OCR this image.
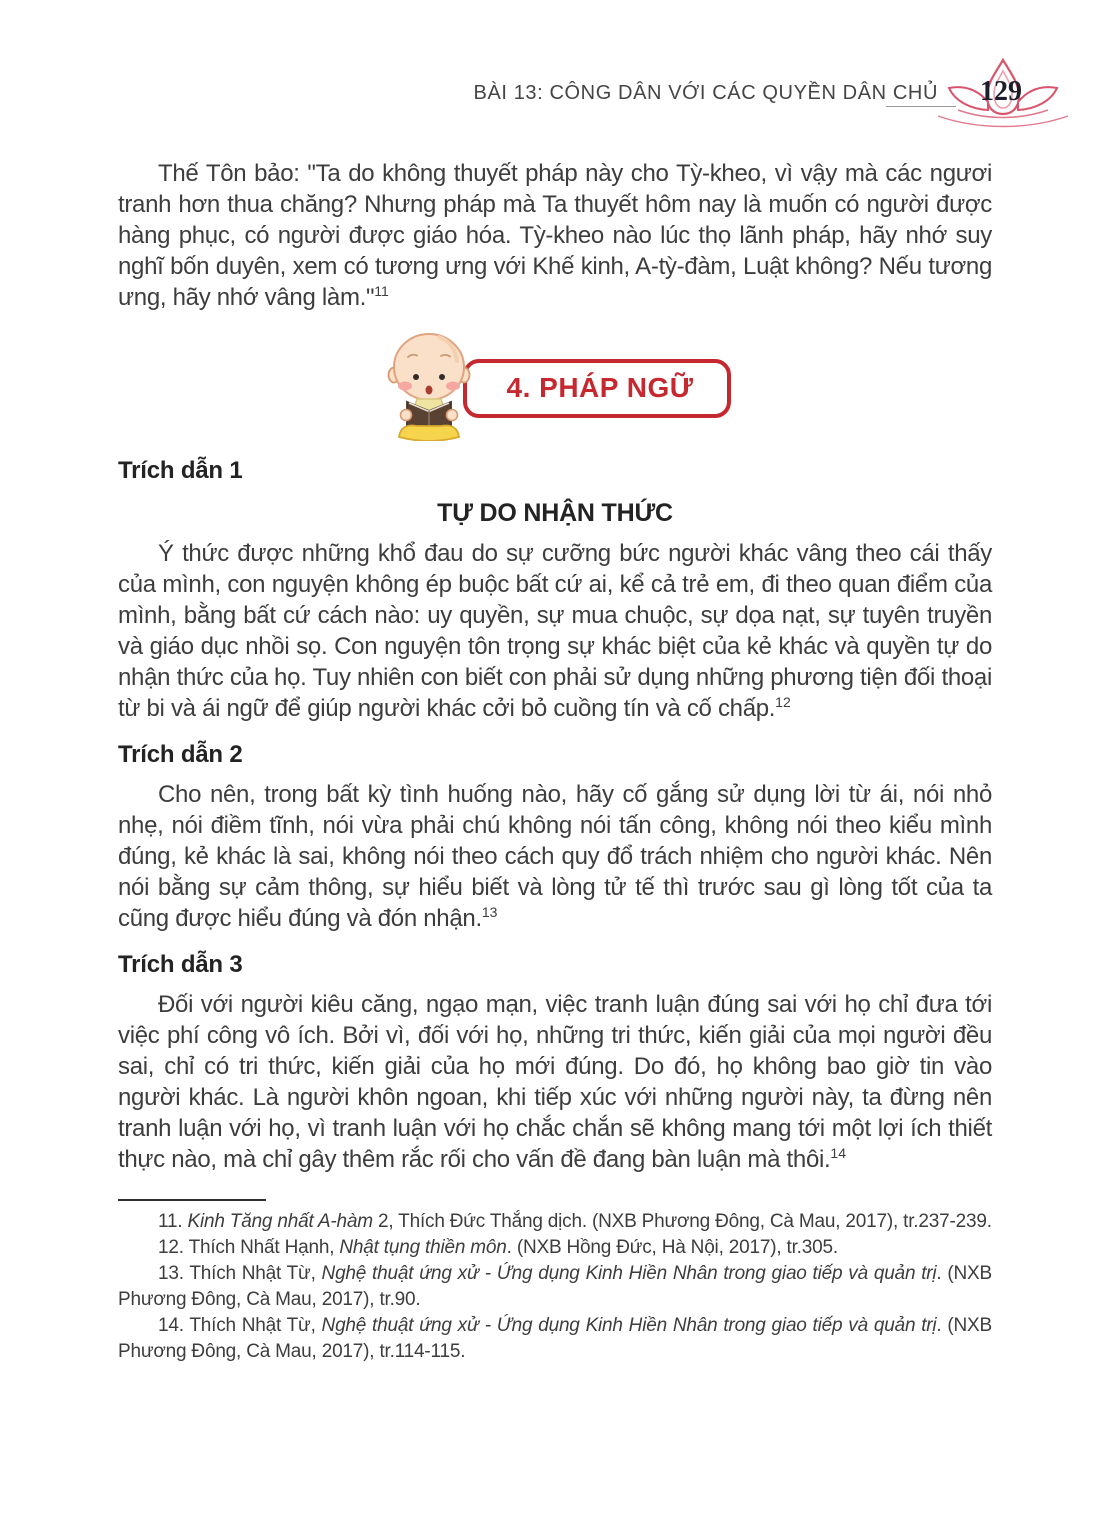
BÀI 13: CÔNG DÂN VỚI CÁC QUYỀN DÂN CHỦ	129

Thế Tôn bảo: "Ta do không thuyết pháp này cho Tỳ-kheo, vì vậy mà các ngươi tranh hơn thua chăng? Nhưng pháp mà Ta thuyết hôm nay là muốn có người được hàng phục, có người được giáo hóa. Tỳ-kheo nào lúc thọ lãnh pháp, hãy nhớ suy nghĩ bốn duyên, xem có tương ưng với Khế kinh, A-tỳ-đàm, Luật không? Nếu tương ưng, hãy nhớ vâng làm."$^{11}$

4. PHÁP NGỮ
Trích dẫn 1
TỰ DO NHẬN THỨC

Ý thức được những khổ đau do sự cưỡng bức người khác vâng theo cái thấy của mình, con nguyện không ép buộc bất cứ ai, kể cả trẻ em, đi theo quan điểm của mình, bằng bất cứ cách nào: uy quyền, sự mua chuộc, sự dọa nạt, sự tuyên truyền và giáo dục nhồi sọ. Con nguyện tôn trọng sự khác biệt của kẻ khác và quyền tự do nhận thức của họ. Tuy nhiên con biết con phải sử dụng những phương tiện đối thoại từ bi và ái ngữ để giúp người khác cởi bỏ cuồng tín và cố chấp.$^{12}$

Trích dẫn 2

Cho nên, trong bất kỳ tình huống nào, hãy cố gắng sử dụng lời từ ái, nói nhỏ nhẹ, nói điềm tĩnh, nói vừa phải chú không nói tấn công, không nói theo kiểu mình đúng, kẻ khác là sai, không nói theo cách quy đổ trách nhiệm cho người khác. Nên nói bằng sự cảm thông, sự hiểu biết và lòng tử tế thì trước sau gì lòng tốt của ta cũng được hiểu đúng và đón nhận.$^{13}$

Trích dẫn 3

Đối với người kiêu căng, ngạo mạn, việc tranh luận đúng sai với họ chỉ đưa tới việc phí công vô ích. Bởi vì, đối với họ, những tri thức, kiến giải của mọi người đều sai, chỉ có tri thức, kiến giải của họ mới đúng. Do đó, họ không bao giờ tin vào người khác. Là người khôn ngoan, khi tiếp xúc với những người này, ta đừng nên tranh luận với họ, vì tranh luận với họ chắc chắn sẽ không mang tới một lợi ích thiết thực nào, mà chỉ gây thêm rắc rối cho vấn đề đang bàn luận mà thôi.$^{14}$

11. Kinh Tăng nhất A-hàm 2, Thích Đức Thắng dịch. (NXB Phương Đông, Cà Mau, 2017), tr.237-239.

12. Thích Nhất Hạnh, Nhật tụng thiền môn. (NXB Hồng Đức, Hà Nội, 2017), tr.305.

13. Thích Nhật Từ, Nghệ thuật ứng xử - Ứng dụng Kinh Hiền Nhân trong giao tiếp và quản trị. (NXB Phương Đông, Cà Mau, 2017), tr.90.

14. Thích Nhật Từ, Nghệ thuật ứng xử - Ứng dụng Kinh Hiền Nhân trong giao tiếp và quản trị. (NXB Phương Đông, Cà Mau, 2017), tr.114-115.
